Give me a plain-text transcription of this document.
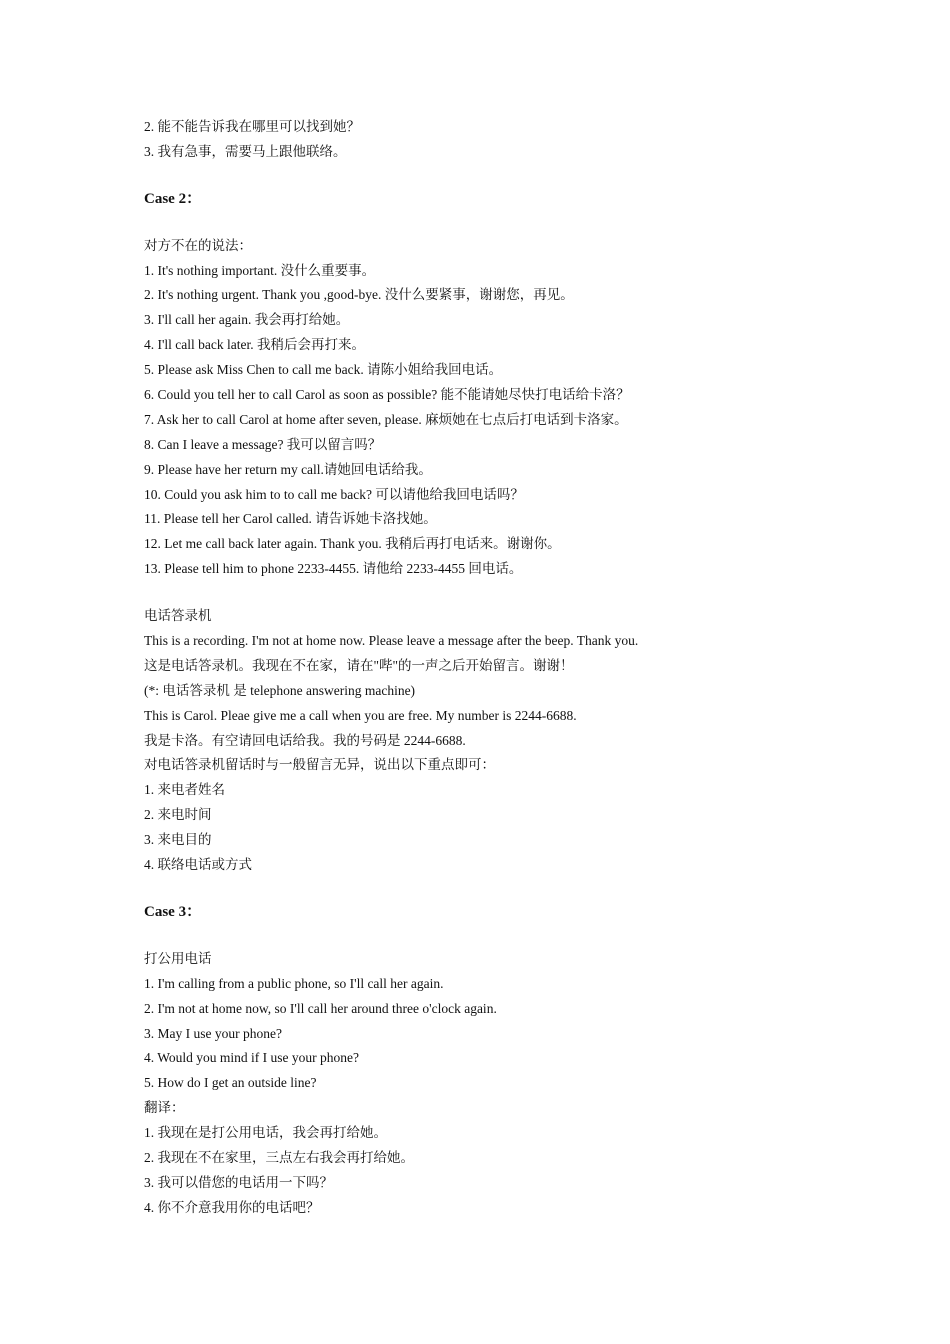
2. 能不能告诉我在哪里可以找到她？
3. 我有急事，需要马上跟他联络。
Case 2：
对方不在的说法：
1. It's nothing important. 没什么重要事。
2. It's nothing urgent. Thank you ,good-bye. 没什么要紧事，谢谢您，再见。
3. I'll call her again. 我会再打给她。
4. I'll call back later. 我稍后会再打来。
5. Please ask Miss Chen to call me back. 请陈小姐给我回电话。
6. Could you tell her to call Carol as soon as possible? 能不能请她尽快打电话给卡洛？
7. Ask her to call Carol at home after seven, please. 麻烦她在七点后打电话到卡洛家。
8. Can I leave a message? 我可以留言吗？
9. Please have her return my call.请她回电话给我。
10. Could you ask him to to call me back? 可以请他给我回电话吗？
11. Please tell her Carol called. 请告诉她卡洛找她。
12. Let me call back later again. Thank you. 我稍后再打电话来。谢谢你。
13. Please tell him to phone 2233-4455. 请他给 2233-4455 回电话。
电话答录机
This is a recording. I'm not at home now. Please leave a message after the beep. Thank you.
这是电话答录机。我现在不在家，请在"哔"的一声之后开始留言。谢谢！
(*: 电话答录机 是 telephone answering machine)
This is Carol. Pleae give me a call when you are free. My number is 2244-6688.
我是卡洛。有空请回电话给我。我的号码是 2244-6688.
对电话答录机留话时与一般留言无异，说出以下重点即可：
1. 来电者姓名
2. 来电时间
3. 来电目的
4. 联络电话或方式
Case 3：
打公用电话
1. I'm calling from a public phone, so I'll call her again.
2. I'm not at home now, so I'll call her around three o'clock again.
3. May I use your phone?
4. Would you mind if I use your phone?
5. How do I get an outside line?
翻译：
1. 我现在是打公用电话，我会再打给她。
2. 我现在不在家里，三点左右我会再打给她。
3. 我可以借您的电话用一下吗？
4. 你不介意我用你的电话吧？
